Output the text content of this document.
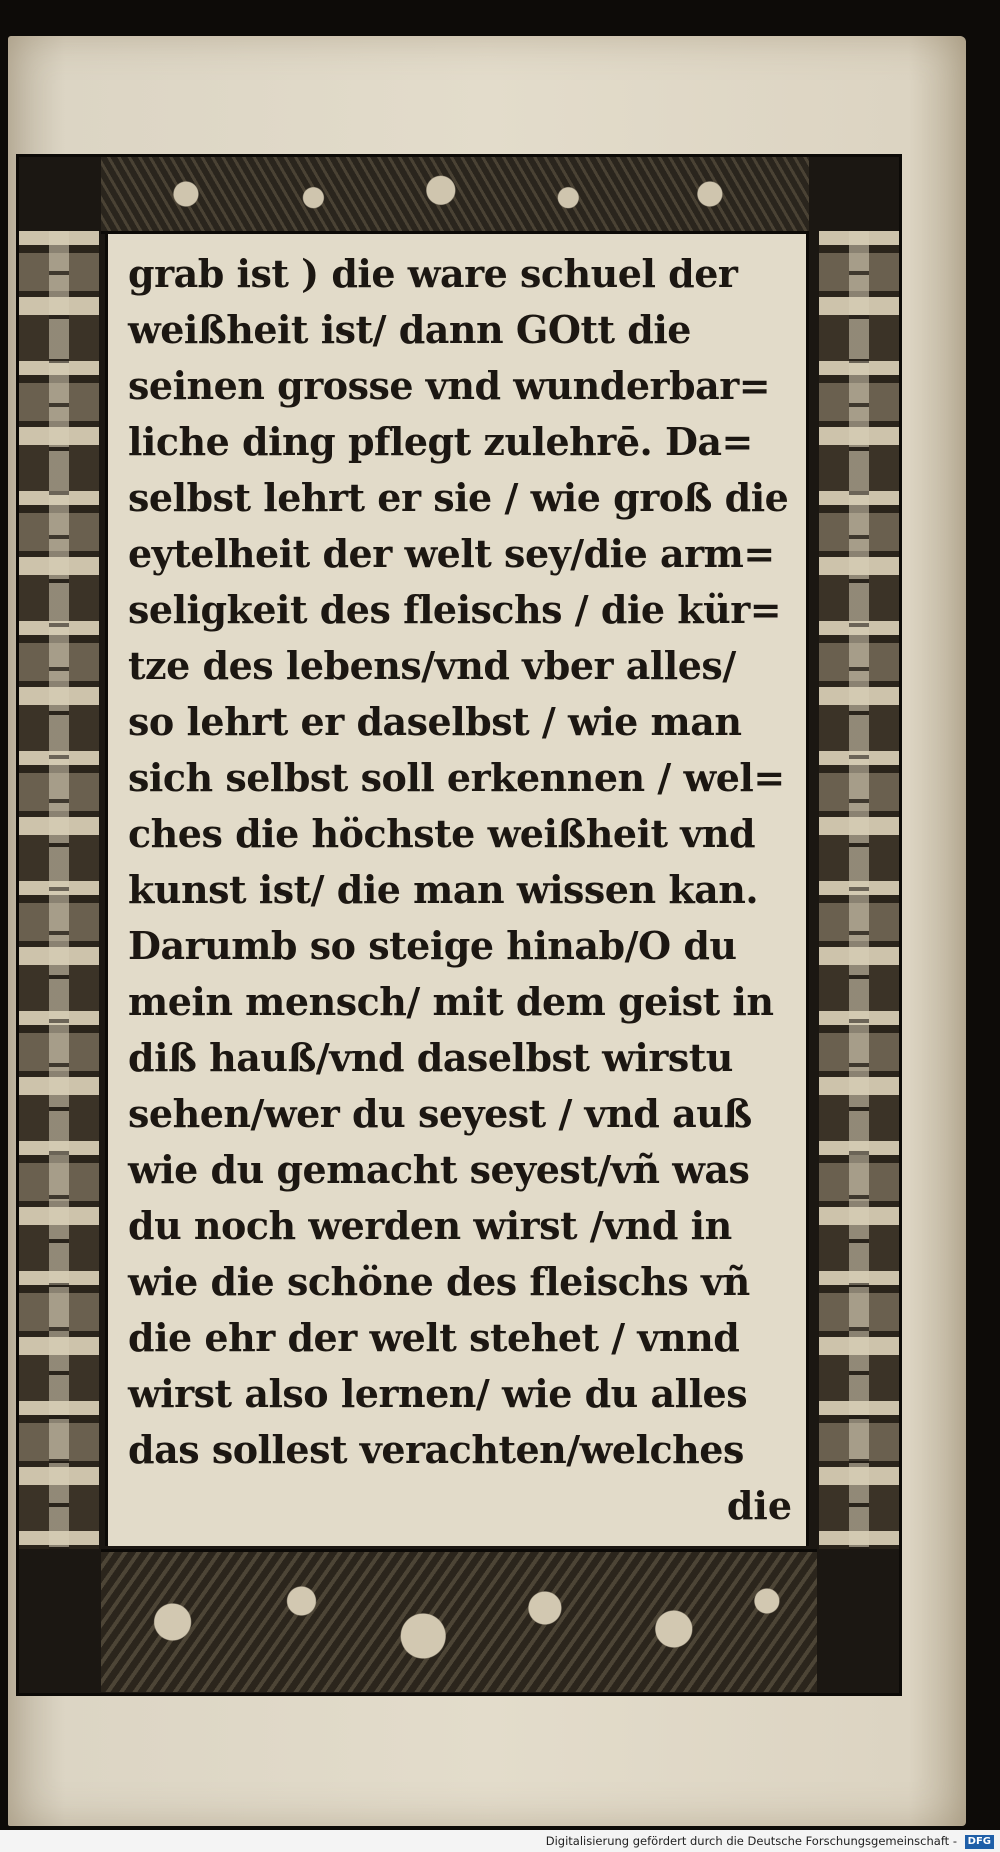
grab ist ) die ware schuel der
weißheit ist/ dann GOtt die
seinen grosse vnd wunderbar=
liche ding pflegt zulehrē. Da=
selbst lehrt er sie / wie groß die
eytelheit der welt sey/die arm=
seligkeit des fleischs / die kür=
tze des lebens/vnd vber alles/
so lehrt er daselbst / wie man
sich selbst soll erkennen / wel=
ches die höchste weißheit vnd
kunst ist/ die man wissen kan.
Darumb so steige hinab/O du
mein mensch/ mit dem geist in
diß hauß/vnd daselbst wirstu
sehen/wer du seyest / vnd auß
wie du gemacht seyest/vñ was
du noch werden wirst /vnd in
wie die schöne des fleischs vñ
die ehr der welt stehet / vnnd
wirst also lernen/ wie du alles
das sollest verachten/welches
die
Digitalisierung gefördert durch die Deutsche Forschungsgemeinschaft - DFG
